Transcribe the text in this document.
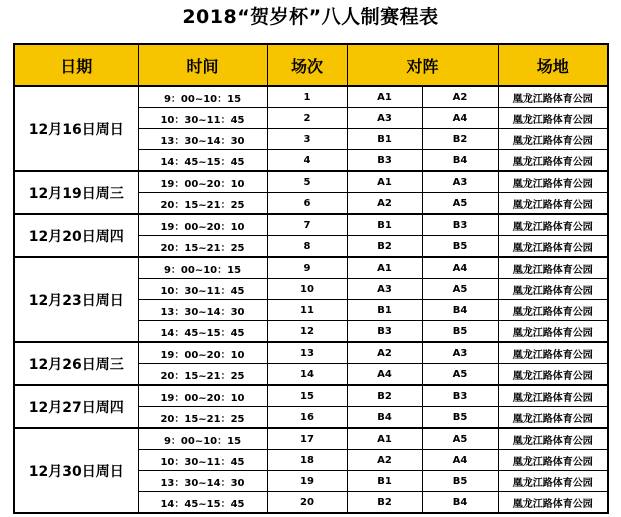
2018“贺岁杯”八人制赛程表
日期	时间	场次	对阵		场地
12月16日周日	9：00~10：15	1	A1	A2	凰龙江路体育公园
	10：30~11：45	2	A3	A4	凰龙江路体育公园
	13：30~14：30	3	B1	B2	凰龙江路体育公园
	14：45~15：45	4	B3	B4	凰龙江路体育公园
12月19日周三	19：00~20：10	5	A1	A3	凰龙江路体育公园
	20：15~21：25	6	A2	A5	凰龙江路体育公园
12月20日周四	19：00~20：10	7	B1	B3	凰龙江路体育公园
	20：15~21：25	8	B2	B5	凰龙江路体育公园
12月23日周日	9：00~10：15	9	A1	A4	凰龙江路体育公园
	10：30~11：45	10	A3	A5	凰龙江路体育公园
	13：30~14：30	11	B1	B4	凰龙江路体育公园
	14：45~15：45	12	B3	B5	凰龙江路体育公园
12月26日周三	19：00~20：10	13	A2	A3	凰龙江路体育公园
	20：15~21：25	14	A4	A5	凰龙江路体育公园
12月27日周四	19：00~20：10	15	B2	B3	凰龙江路体育公园
	20：15~21：25	16	B4	B5	凰龙江路体育公园
12月30日周日	9：00~10：15	17	A1	A5	凰龙江路体育公园
	10：30~11：45	18	A2	A4	凰龙江路体育公园
	13：30~14：30	19	B1	B5	凰龙江路体育公园
	14：45~15：45	20	B2	B4	凰龙江路体育公园
